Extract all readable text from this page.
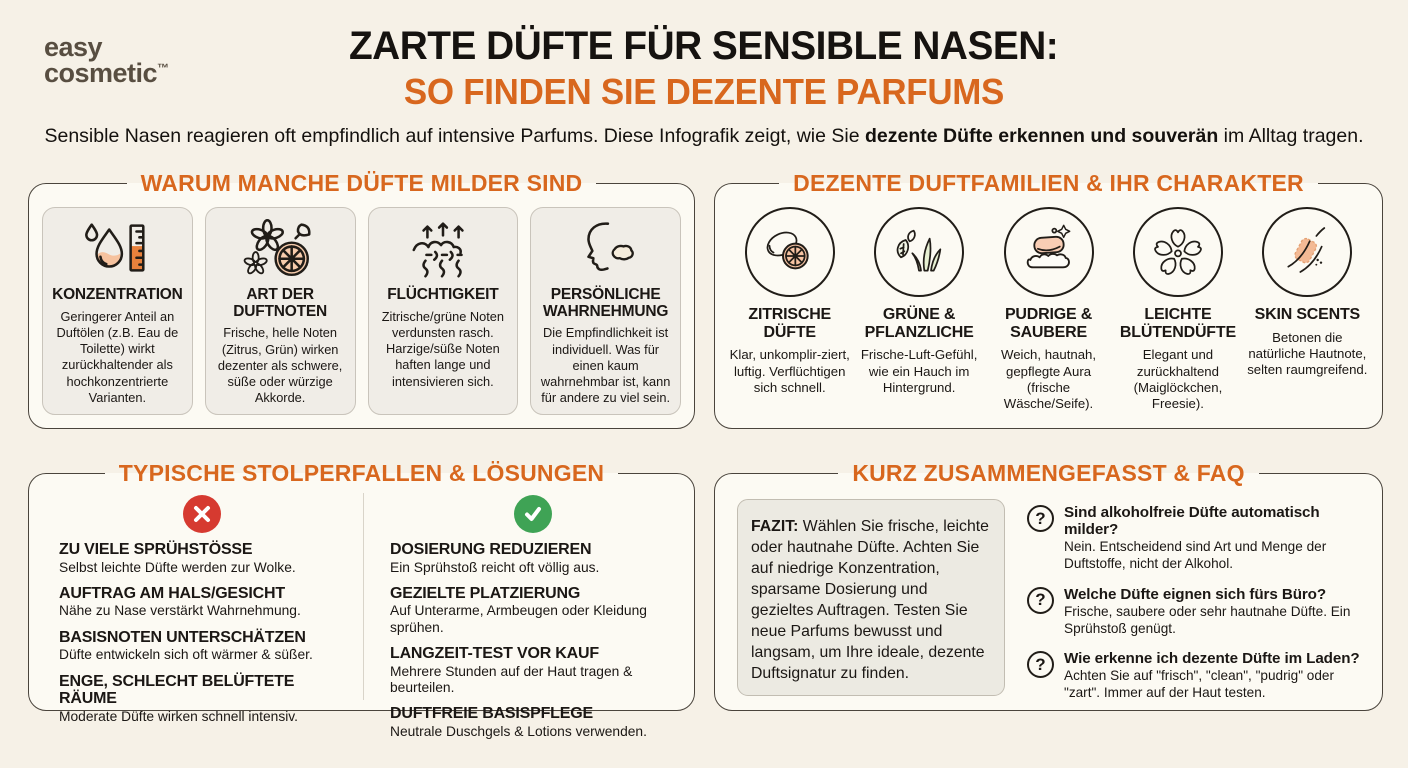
easy
cosmetic™
ZARTE DÜFTE FÜR SENSIBLE NASEN:
SO FINDEN SIE DEZENTE PARFUMS
Sensible Nasen reagieren oft empfindlich auf intensive Parfums. Diese Infografik zeigt, wie Sie dezente Düfte erkennen und souverän im Alltag tragen.
WARUM MANCHE DÜFTE MILDER SIND
KONZENTRATION
Geringerer Anteil an Duftölen (z.B. Eau de Toilette) wirkt zurückhaltender als hochkonzentrierte Varianten.
ART DER DUFTNOTEN
Frische, helle Noten (Zitrus, Grün) wirken dezenter als schwere, süße oder würzige Akkorde.
FLÜCHTIGKEIT
Zitrische/grüne Noten verdunsten rasch. Harzige/süße Noten haften lange und intensivieren sich.
PERSÖNLICHE WAHRNEHMUNG
Die Empfindlichkeit ist individuell. Was für einen kaum wahrnehmbar ist, kann für andere zu viel sein.
DEZENTE DUFTFAMILIEN & IHR CHARAKTER
ZITRISCHE DÜFTE
Klar, unkomplir-ziert, luftig. Verflüchtigen sich schnell.
GRÜNE & PFLANZLICHE
Frische-Luft-Gefühl, wie ein Hauch im Hintergrund.
PUDRIGE & SAUBERE
Weich, hautnah, gepflegte Aura (frische Wäsche/Seife).
LEICHTE BLÜTENDÜFTE
Elegant und zurückhaltend (Maiglöckchen, Freesie).
SKIN SCENTS
Betonen die natürliche Hautnote, selten raumgreifend.
TYPISCHE STOLPERFALLEN & LÖSUNGEN
ZU VIELE SPRÜHSTÖSSE
Selbst leichte Düfte werden zur Wolke.
AUFTRAG AM HALS/GESICHT
Nähe zu Nase verstärkt Wahrnehmung.
BASISNOTEN UNTERSCHÄTZEN
Düfte entwickeln sich oft wärmer & süßer.
ENGE, SCHLECHT BELÜFTETE RÄUME
Moderate Düfte wirken schnell intensiv.
DOSIERUNG REDUZIEREN
Ein Sprühstoß reicht oft völlig aus.
GEZIELTE PLATZIERUNG
Auf Unterarme, Armbeugen oder Kleidung sprühen.
LANGZEIT-TEST VOR KAUF
Mehrere Stunden auf der Haut tragen & beurteilen.
DUFTFREIE BASISPFLEGE
Neutrale Duschgels & Lotions verwenden.
KURZ ZUSAMMENGEFASST & FAQ
FAZIT: Wählen Sie frische, leichte oder hautnahe Düfte. Achten Sie auf niedrige Konzentration, sparsame Dosierung und gezieltes Auftragen. Testen Sie neue Parfums bewusst und langsam, um Ihre ideale, dezente Duftsignatur zu finden.
?	Sind alkoholfreie Düfte automatisch milder?
Nein. Entscheidend sind Art und Menge der Duftstoffe, nicht der Alkohol.
?	Welche Düfte eignen sich fürs Büro?
Frische, saubere oder sehr hautnahe Düfte. Ein Sprühstoß genügt.
?	Wie erkenne ich dezente Düfte im Laden?
Achten Sie auf "frisch", "clean", "pudrig" oder "zart". Immer auf der Haut testen.
